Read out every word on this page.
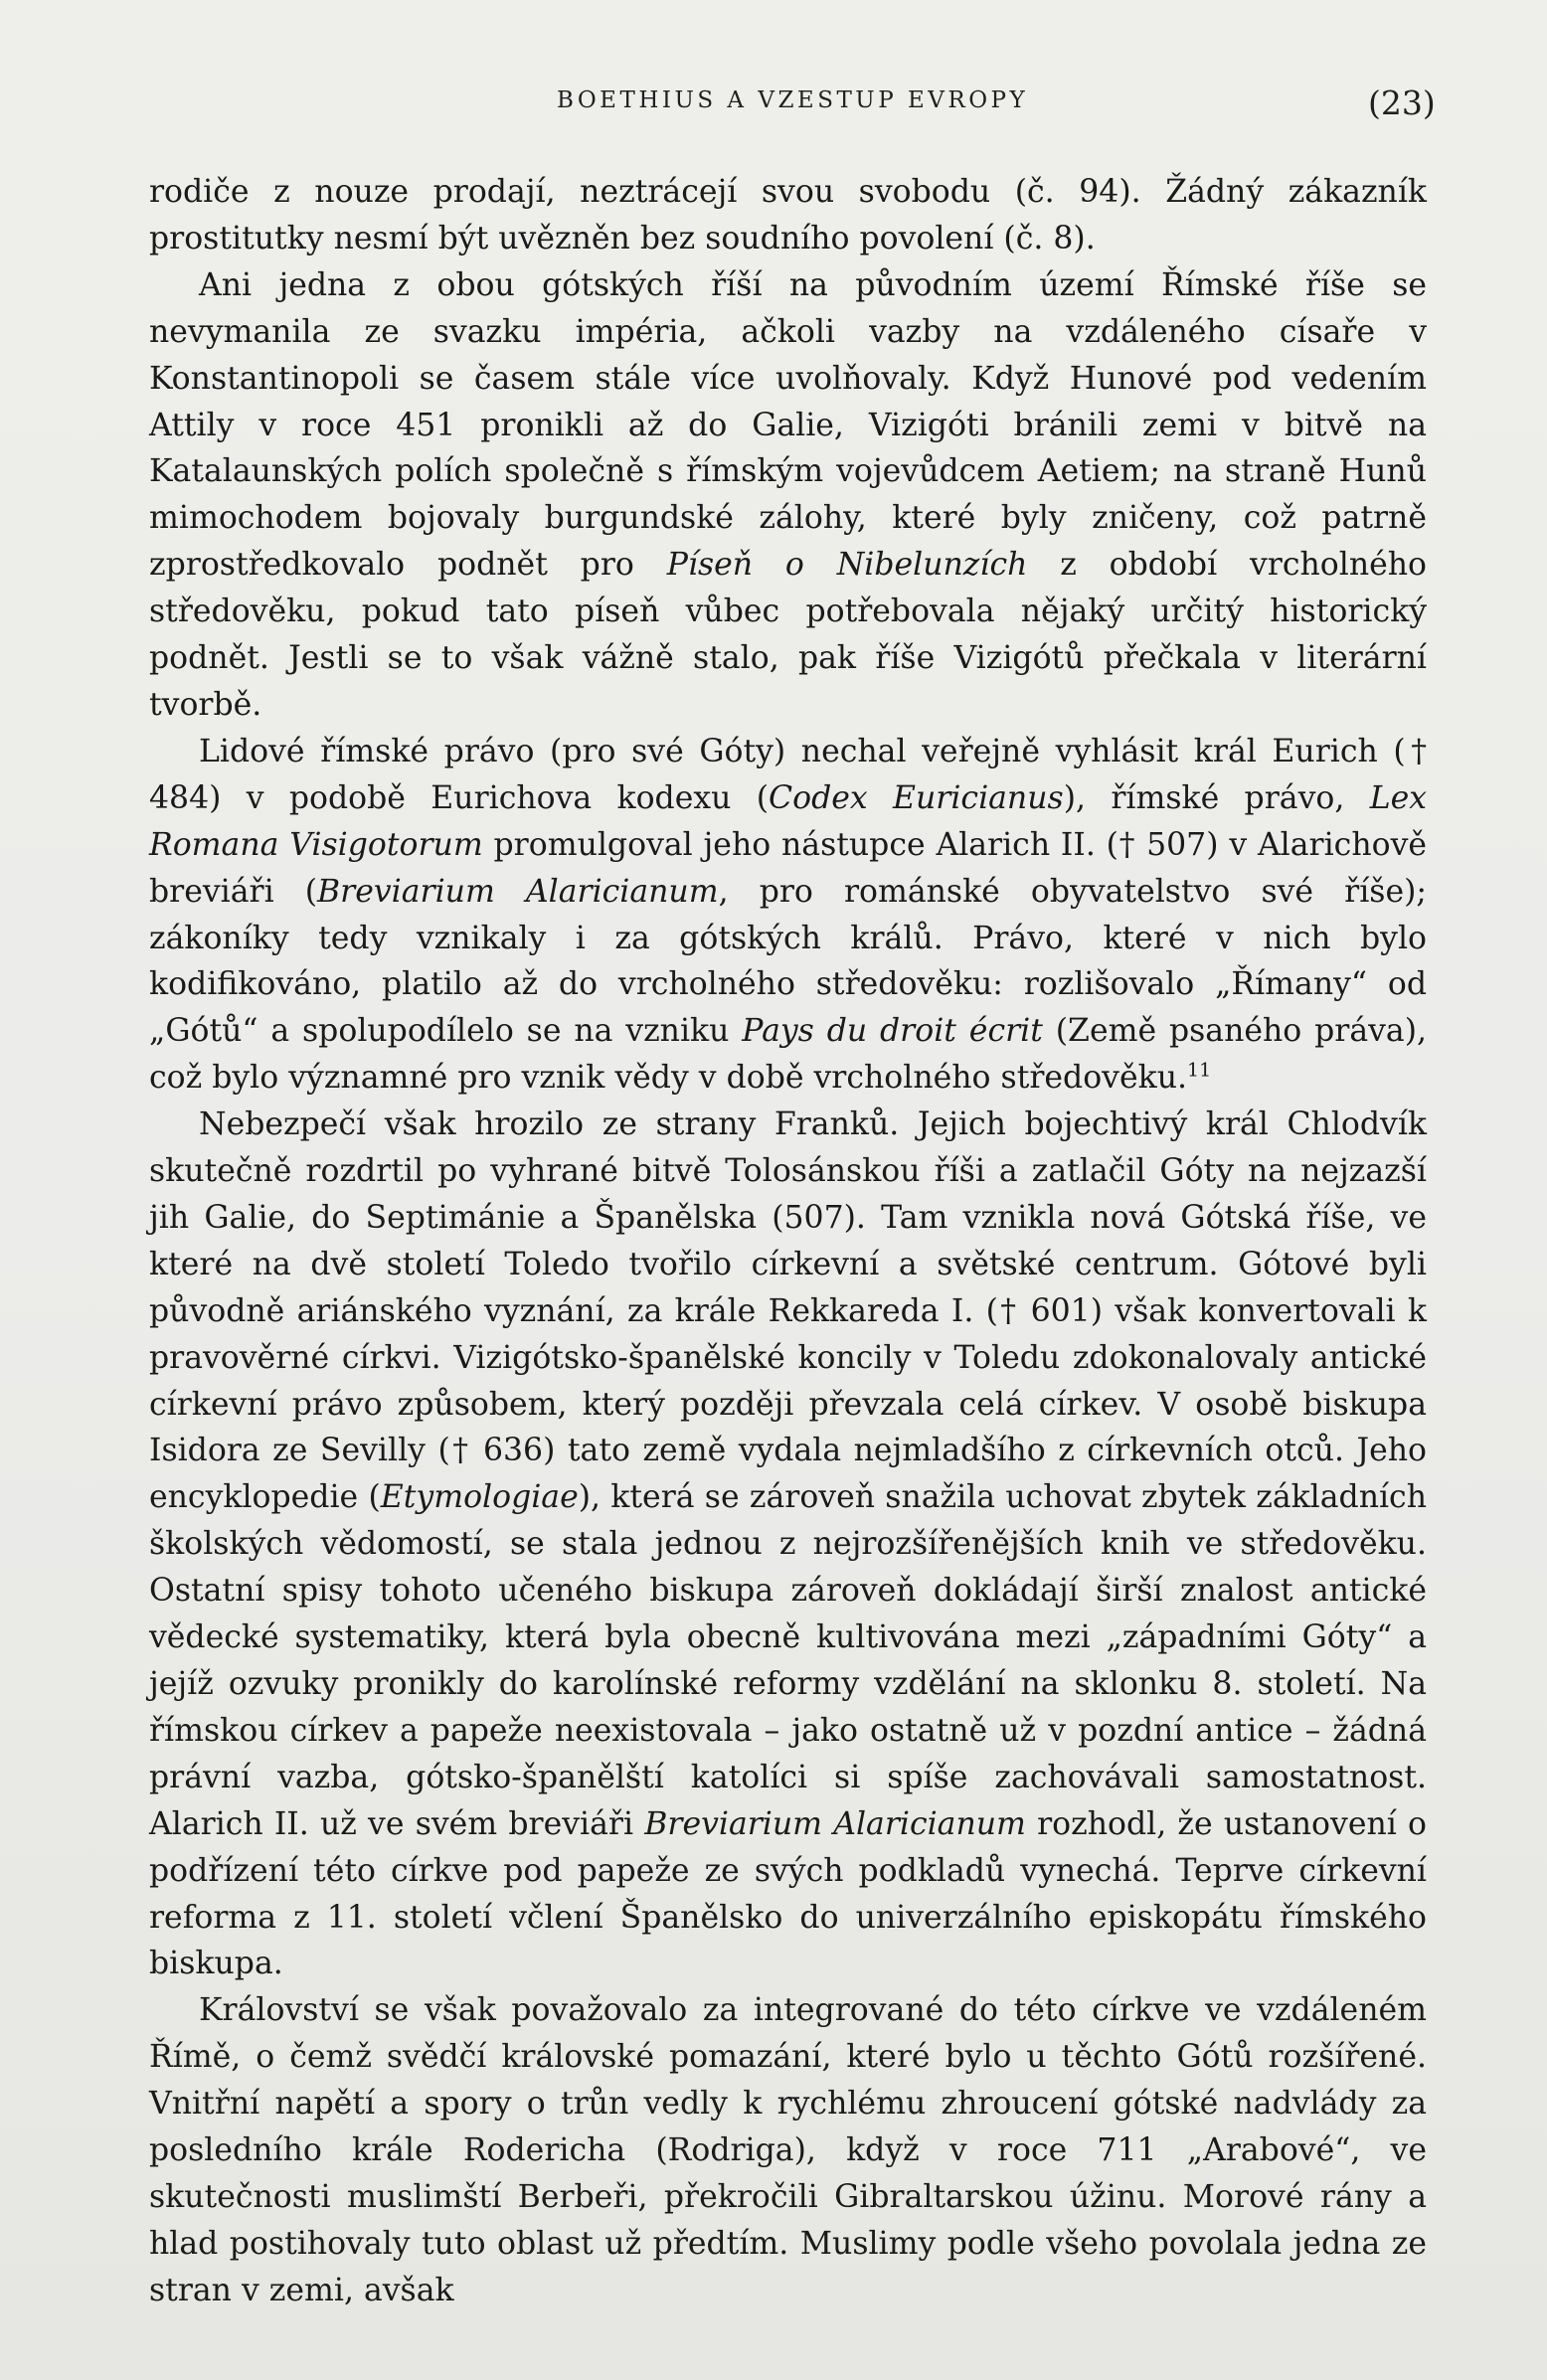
BOETHIUS A VZESTUP EVROPY	(23)

rodiče z nouze prodají, neztrácejí svou svobodu (č. 94). Žádný zákazník prostitutky nesmí být uvězněn bez soudního povolení (č. 8).

Ani jedna z obou gótských říší na původním území Římské říše se nevymanila ze svazku impéria, ačkoli vazby na vzdáleného císaře v Konstantinopoli se časem stále více uvolňovaly. Když Hunové pod vedením Attily v roce 451 pronikli až do Galie, Vizigóti bránili zemi v bitvě na Katalaunských polích společně s římským vojevůdcem Aetiem; na straně Hunů mimochodem bojovaly burgundské zálohy, které byly zničeny, což patrně zprostředkovalo podnět pro Píseň o Nibelunzích z období vrcholného středověku, pokud tato píseň vůbec potřebovala nějaký určitý historický podnět. Jestli se to však vážně stalo, pak říše Vizigótů přečkala v literární tvorbě.

Lidové římské právo (pro své Góty) nechal veřejně vyhlásit král Eurich († 484) v podobě Eurichova kodexu (Codex Euricianus), římské právo, Lex Romana Visigotorum promulgoval jeho nástupce Alarich II. († 507) v Alarichově breviáři (Breviarium Alaricianum, pro románské obyvatelstvo své říše); zákoníky tedy vznikaly i za gótských králů. Právo, které v nich bylo kodifikováno, platilo až do vrcholného středověku: rozlišovalo „Římany“ od „Gótů“ a spolupodílelo se na vzniku Pays du droit écrit (Země psaného práva), což bylo významné pro vznik vědy v době vrcholného středověku.$^{11}$

Nebezpečí však hrozilo ze strany Franků. Jejich bojechtivý král Chlodvík skutečně rozdrtil po vyhrané bitvě Tolosánskou říši a zatlačil Góty na nejzazší jih Galie, do Septimánie a Španělska (507). Tam vznikla nová Gótská říše, ve které na dvě století Toledo tvořilo církevní a světské centrum. Gótové byli původně ariánského vyznání, za krále Rekkareda I. († 601) však konvertovali k pravověrné církvi. Vizigótsko-španělské koncily v Toledu zdokonalovaly antické církevní právo způsobem, který později převzala celá církev. V osobě biskupa Isidora ze Sevilly († 636) tato země vydala nejmladšího z církevních otců. Jeho encyklopedie (Etymologiae), která se zároveň snažila uchovat zbytek základních školských vědomostí, se stala jednou z nejrozšířenějších knih ve středověku. Ostatní spisy tohoto učeného biskupa zároveň dokládají širší znalost antické vědecké systematiky, která byla obecně kultivována mezi „západními Góty“ a jejíž ozvuky pronikly do karolínské reformy vzdělání na sklonku 8. století. Na římskou církev a papeže neexistovala – jako ostatně už v pozdní antice – žádná právní vazba, gótsko-španělští katolíci si spíše zachovávali samostatnost. Alarich II. už ve svém breviáři Breviarium Alaricianum rozhodl, že ustanovení o podřízení této církve pod papeže ze svých podkladů vynechá. Teprve církevní reforma z 11. století včlení Španělsko do univerzálního episkopátu římského biskupa.

Království se však považovalo za integrované do této církve ve vzdáleném Římě, o čemž svědčí královské pomazání, které bylo u těchto Gótů rozšířené. Vnitřní napětí a spory o trůn vedly k rychlému zhroucení gótské nadvlády za posledního krále Rodericha (Rodriga), když v roce 711 „Arabové“, ve skutečnosti muslimští Berbeři, překročili Gibraltarskou úžinu. Morové rány a hlad postihovaly tuto oblast už předtím. Muslimy podle všeho povolala jedna ze stran v zemi, avšak
